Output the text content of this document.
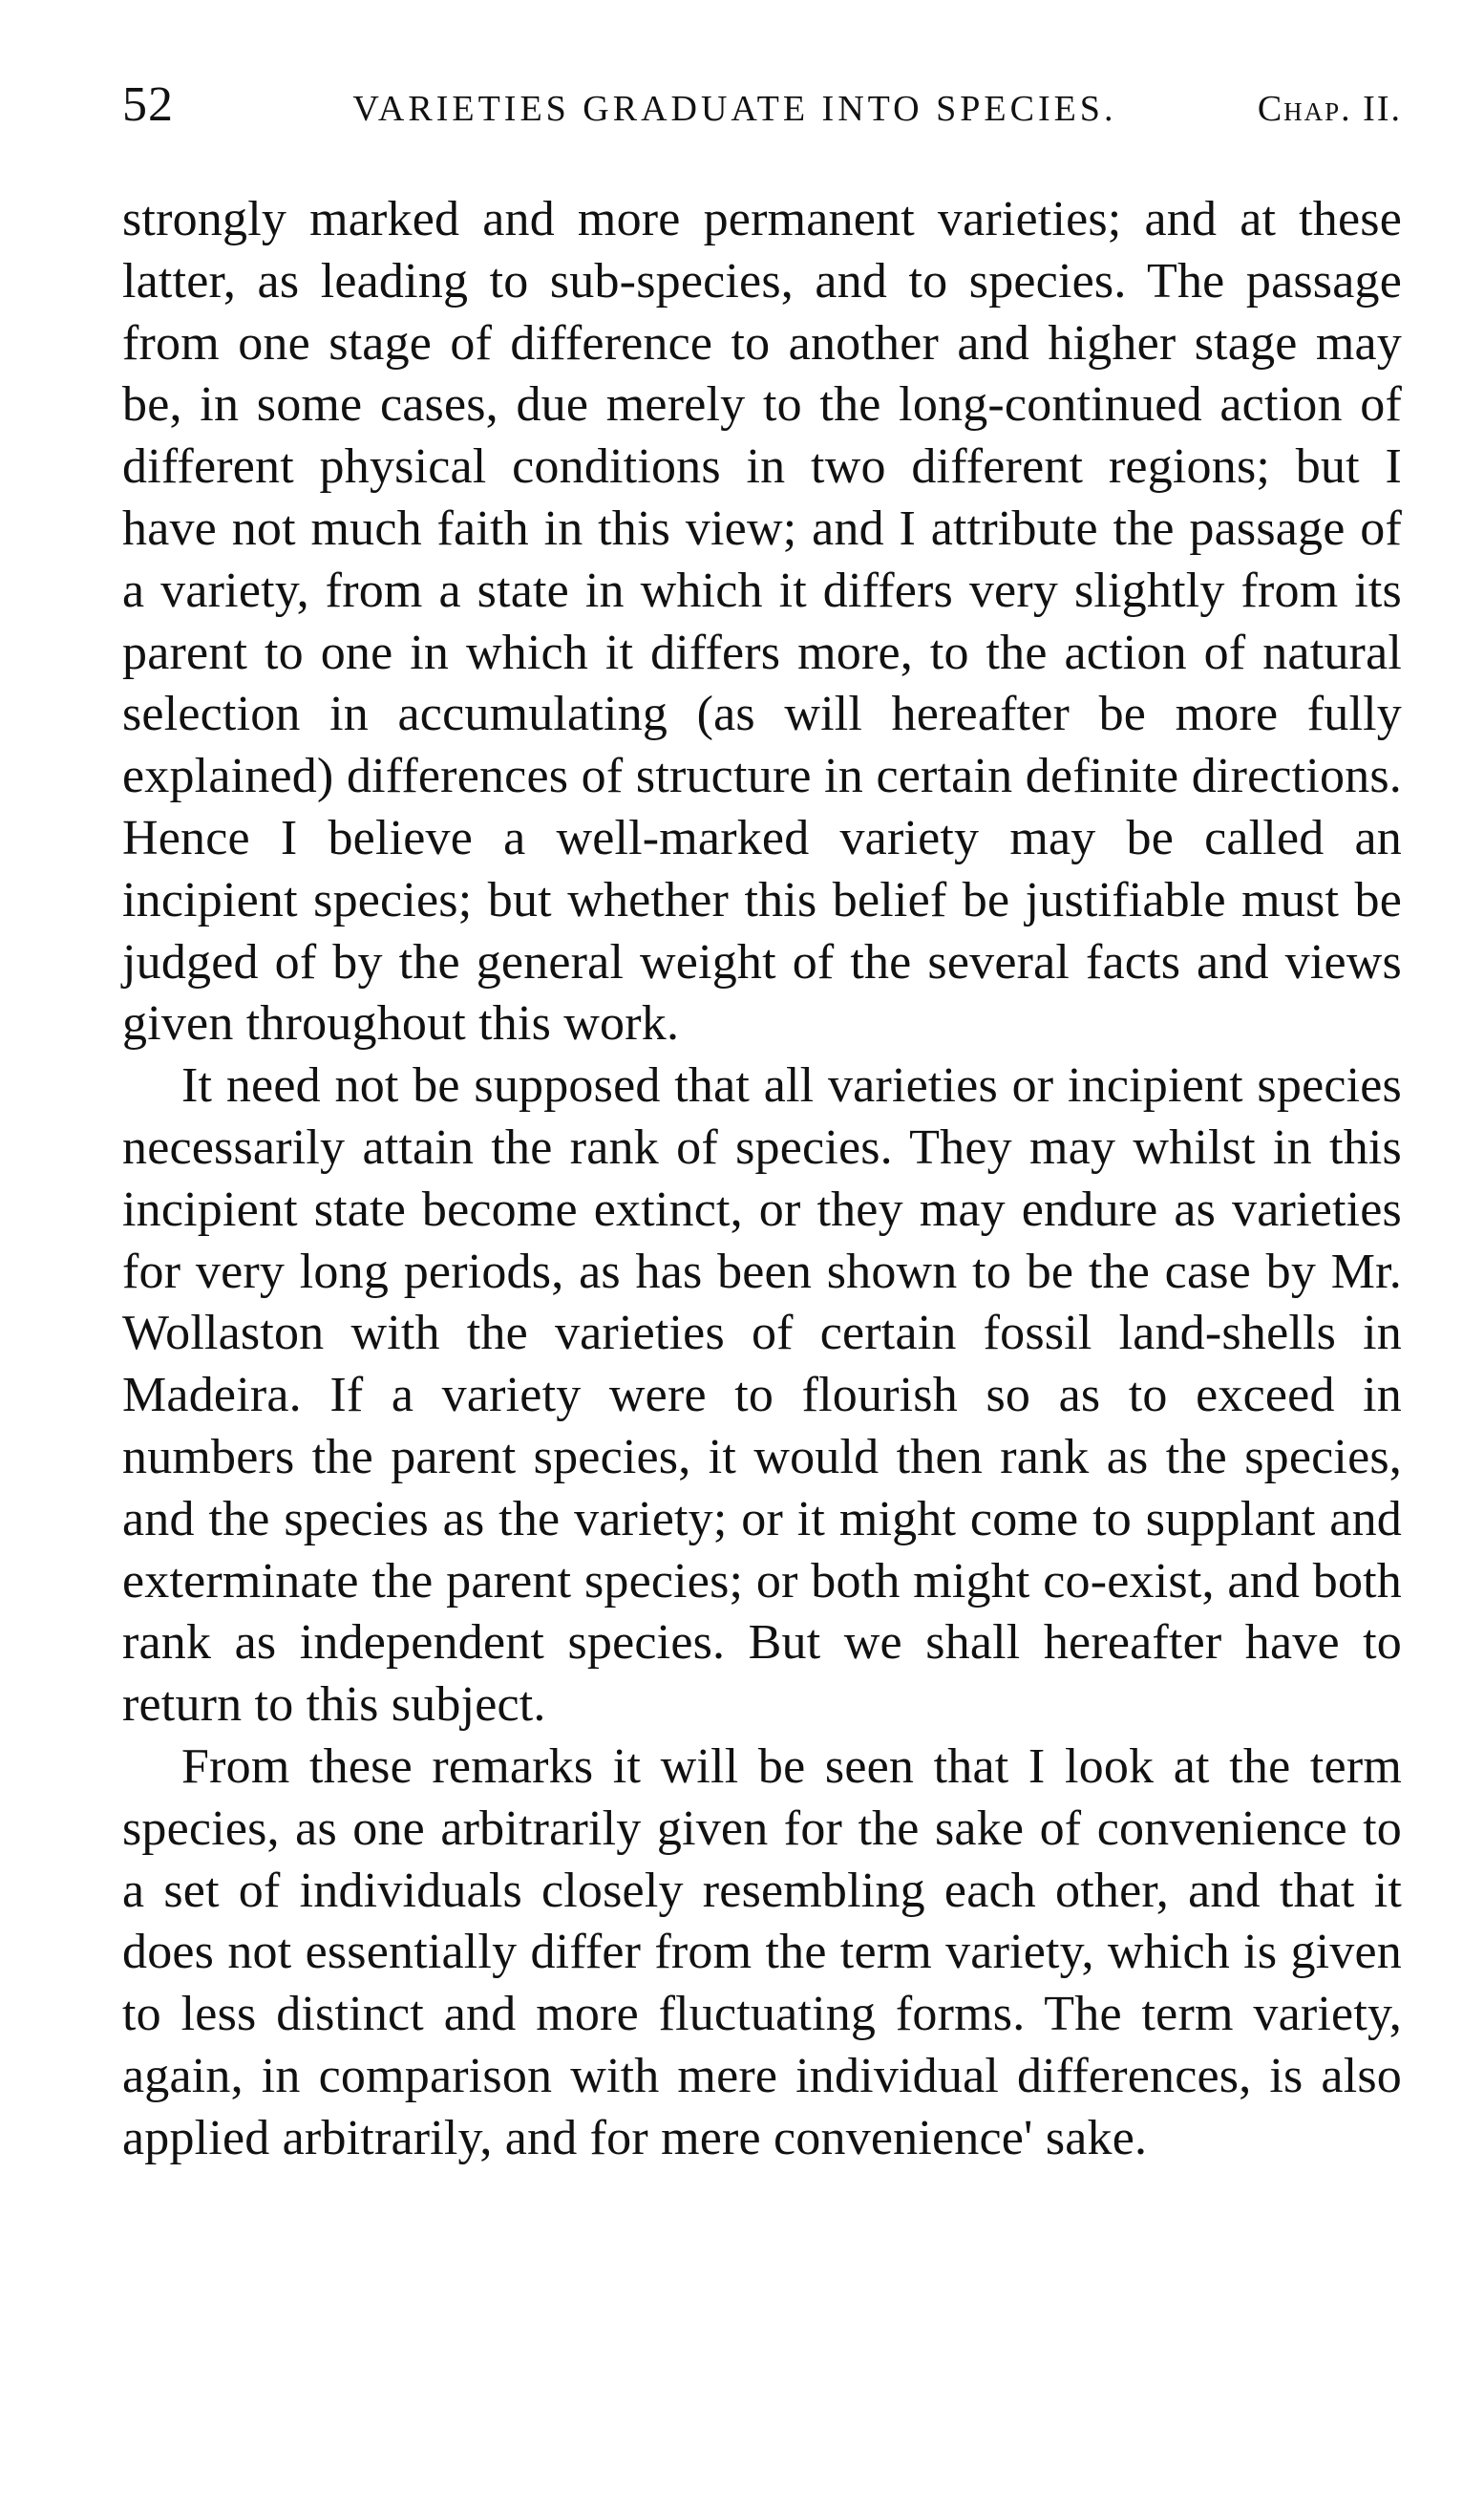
52	VARIETIES GRADUATE INTO SPECIES.	Chap. II.

strongly marked and more permanent varieties; and at these latter, as leading to sub-species, and to species. The passage from one stage of difference to another and higher stage may be, in some cases, due merely to the long-continued action of different physical conditions in two different regions; but I have not much faith in this view; and I attribute the passage of a variety, from a state in which it differs very slightly from its parent to one in which it differs more, to the action of natural selection in accumulating (as will hereafter be more fully explained) differences of structure in certain definite directions. Hence I believe a well-marked variety may be called an incipient species; but whether this belief be justifiable must be judged of by the general weight of the several facts and views given throughout this work.

It need not be supposed that all varieties or incipient species necessarily attain the rank of species. They may whilst in this incipient state become extinct, or they may endure as varieties for very long periods, as has been shown to be the case by Mr. Wollaston with the varieties of certain fossil land-shells in Madeira. If a variety were to flourish so as to exceed in numbers the parent species, it would then rank as the species, and the species as the variety; or it might come to supplant and exterminate the parent species; or both might co-exist, and both rank as independent species. But we shall hereafter have to return to this subject.

From these remarks it will be seen that I look at the term species, as one arbitrarily given for the sake of convenience to a set of individuals closely resembling each other, and that it does not essentially differ from the term variety, which is given to less distinct and more fluctuating forms. The term variety, again, in comparison with mere individual differences, is also applied arbitrarily, and for mere convenience' sake.
